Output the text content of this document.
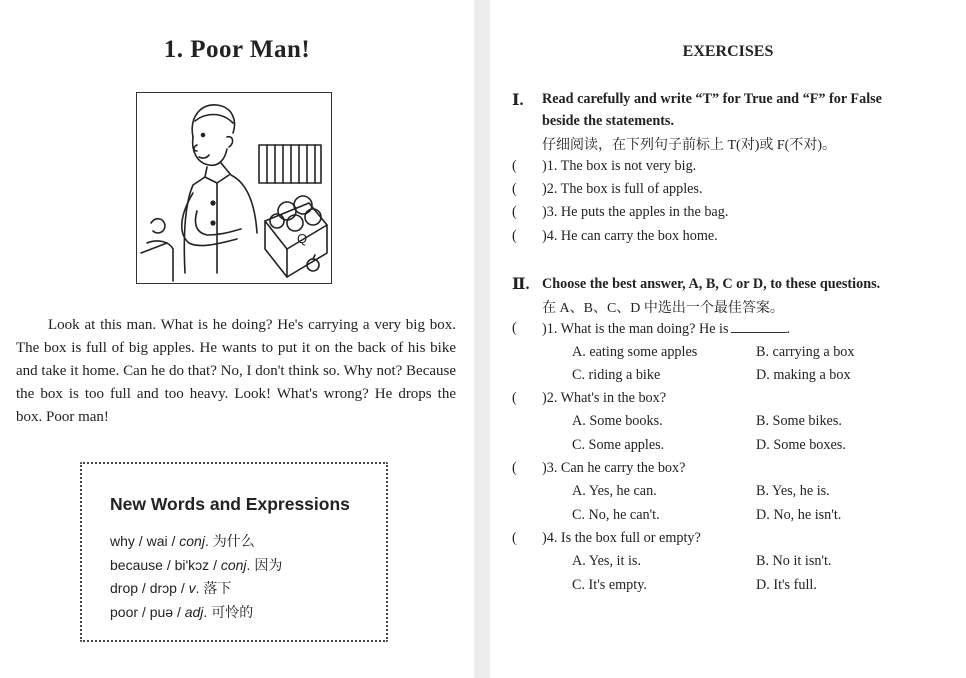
1. Poor Man!
Q

Look at this man. What is he doing? He's carrying a very big box. The box is full of big apples. He wants to put it on the back of his bike and take it home. Can he do that? No, I don't think so. Why not? Because the box is too full and too heavy. Look! What's wrong? He drops the box. Poor man!

New Words and Expressions
why / wai / conj. 为什么
because / bi'kɔz / conj. 因为
drop / drɔp / v. 落下
poor / puə / adj. 可怜的
EXERCISES
Ⅰ. Read carefully and write “T” for True and “F” for False
beside the statements.
仔细阅读，在下列句子前标上 T(对)或 F(不对)。
( )1. The box is not very big.
( )2. The box is full of apples.
( )3. He puts the apples in the bag.
( )4. He can carry the box home.
Ⅱ. Choose the best answer, A, B, C or D, to these questions.
在 A、B、C、D 中选出一个最佳答案。
( )1. What is the man doing? He is	.
A. eating some apples	B. carrying a box
C. riding a bike	D. making a box
( )2. What's in the box?
A. Some books.	B. Some bikes.
C. Some apples.	D. Some boxes.
( )3. Can he carry the box?
A. Yes, he can.	B. Yes, he is.
C. No, he can't.	D. No, he isn't.
( )4. Is the box full or empty?
A. Yes, it is.	B. No it isn't.
C. It's empty.	D. It's full.
